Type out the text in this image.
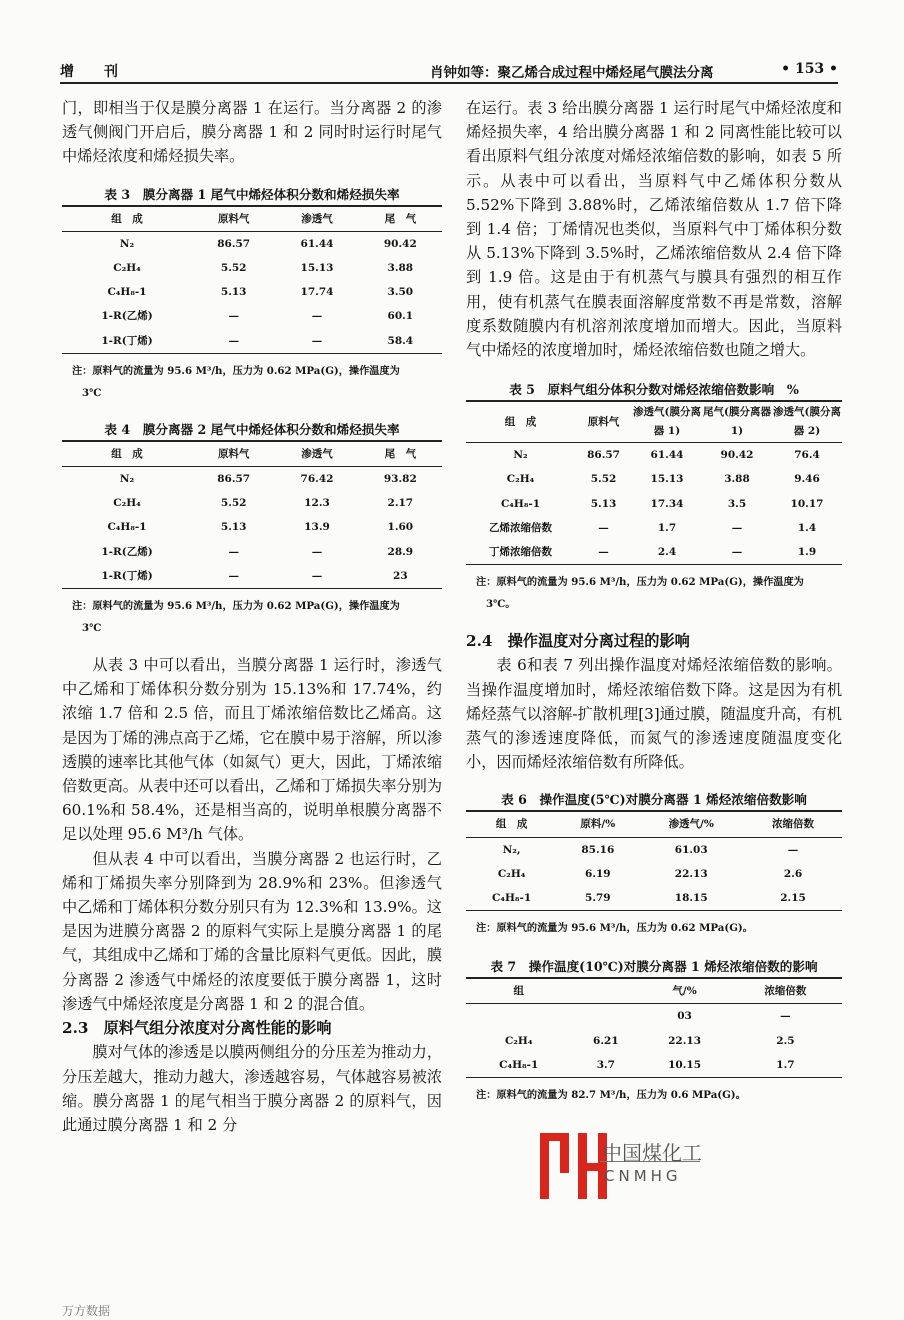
增　刊	肖钟如等：聚乙烯合成过程中烯烃尾气膜法分离	• 153 •

门，即相当于仅是膜分离器 1 在运行。当分离器 2 的渗透气侧阀门开启后，膜分离器 1 和 2 同时时运行时尾气中烯烃浓度和烯烃损失率。

表 3　膜分离器 1 尾气中烯烃体积分数和烯烃损失率

组　成	原料气	渗透气	尾　气
N₂	86.57	61.44	90.42
C₂H₄	5.52	15.13	3.88
C₄H₈-1	5.13	17.74	3.50
1-R(乙烯)	—	—	60.1
1-R(丁烯)	—	—	58.4
注：原料气的流量为 95.6 M³/h，压力为 0.62 MPa(G)，操作温度为
3℃

表 4　膜分离器 2 尾气中烯烃体积分数和烯烃损失率

组　成	原料气	渗透气	尾　气
N₂	86.57	76.42	93.82
C₂H₄	5.52	12.3	2.17
C₄H₈-1	5.13	13.9	1.60
1-R(乙烯)	—	—	28.9
1-R(丁烯)	—	—	23
注：原料气的流量为 95.6 M³/h，压力为 0.62 MPa(G)，操作温度为
3℃

从表 3 中可以看出，当膜分离器 1 运行时，渗透气中乙烯和丁烯体积分数分别为 15.13%和 17.74%，约浓缩 1.7 倍和 2.5 倍，而且丁烯浓缩倍数比乙烯高。这是因为丁烯的沸点高于乙烯，它在膜中易于溶解，所以渗透膜的速率比其他气体（如氮气）更大，因此，丁烯浓缩倍数更高。从表中还可以看出，乙烯和丁烯损失率分别为 60.1%和 58.4%，还是相当高的，说明单根膜分离器不足以处理 95.6 M³/h 气体。

但从表 4 中可以看出，当膜分离器 2 也运行时，乙烯和丁烯损失率分别降到为 28.9%和 23%。但渗透气中乙烯和丁烯体积分数分别只有为 12.3%和 13.9%。这是因为进膜分离器 2 的原料气实际上是膜分离器 1 的尾气，其组成中乙烯和丁烯的含量比原料气更低。因此，膜分离器 2 渗透气中烯烃的浓度要低于膜分离器 1，这时渗透气中烯烃浓度是分离器 1 和 2 的混合值。

2.3　原料气组分浓度对分离性能的影响

膜对气体的渗透是以膜两侧组分的分压差为推动力，分压差越大，推动力越大，渗透越容易，气体越容易被浓缩。膜分离器 1 的尾气相当于膜分离器 2 的原料气，因此通过膜分离器 1 和 2 分

在运行。表 3 给出膜分离器 1 运行时尾气中烯烃浓度和烯烃损失率，4 给出膜分离器 1 和 2 同离性能比较可以看出原料气组分浓度对烯烃浓缩倍数的影响，如表 5 所示。从表中可以看出，当原料气中乙烯体积分数从 5.52%下降到 3.88%时，乙烯浓缩倍数从 1.7 倍下降到 1.4 倍；丁烯情况也类似，当原料气中丁烯体积分数从 5.13%下降到 3.5%时，乙烯浓缩倍数从 2.4 倍下降到 1.9 倍。这是由于有机蒸气与膜具有强烈的相互作用，使有机蒸气在膜表面溶解度常数不再是常数，溶解度系数随膜内有机溶剂浓度增加而增大。因此，当原料气中烯烃的浓度增加时，烯烃浓缩倍数也随之增大。

表 5　原料气组分体积分数对烯烃浓缩倍数影响　%

组　成	原料气	渗透气(膜分离器 1)	尾气(膜分离器 1)	渗透气(膜分离器 2)
N₂	86.57	61.44	90.42	76.4
C₂H₄	5.52	15.13	3.88	9.46
C₄H₈-1	5.13	17.34	3.5	10.17
乙烯浓缩倍数	—	1.7	—	1.4
丁烯浓缩倍数	—	2.4	—	1.9
注：原料气的流量为 95.6 M³/h，压力为 0.62 MPa(G)，操作温度为
3℃。

2.4　操作温度对分离过程的影响

表 6和表 7 列出操作温度对烯烃浓缩倍数的影响。当操作温度增加时，烯烃浓缩倍数下降。这是因为有机烯烃蒸气以溶解-扩散机理[3]通过膜，随温度升高，有机蒸气的渗透速度降低，而氮气的渗透速度随温度变化小，因而烯烃浓缩倍数有所降低。

表 6　操作温度(5℃)对膜分离器 1 烯烃浓缩倍数影响

组　成	原料/%	渗透气/%	浓缩倍数
N₂,	85.16	61.03	—
C₂H₄	6.19	22.13	2.6
C₄H₈-1	5.79	18.15	2.15
注：原料气的流量为 95.6 M³/h，压力为 0.62 MPa(G)。

表 7　操作温度(10℃)对膜分离器 1 烯烃浓缩倍数的影响

组		气/%	浓缩倍数
		03	—
C₂H₄	6.21	22.13	2.5
C₄H₈-1	3.7	10.15	1.7
注：原料气的流量为 82.7 M³/h，压力为 0.6 MPa(G)。
中国煤化工
CNMHG
万方数据
